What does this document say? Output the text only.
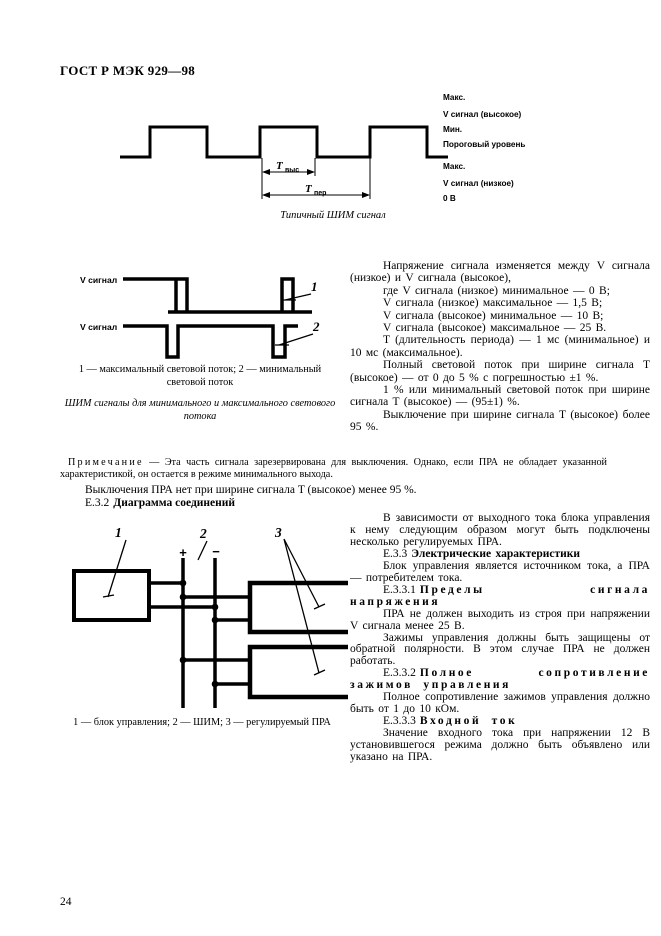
ГОСТ Р МЭК 929—98
T выс
T пер
Макс.
V сигнал (высокое)
Мин.
Пороговый уровень
Макс.
V сигнал (низкое)
0 В
Типичный ШИМ сигнал
V сигнал
V сигнал
1
2
1 — максимальный световой поток; 2 — минимальный световой поток
ШИМ сигналы для минимального и максимального светового потока

Напряжение сигнала изменяется между V сигнала (низкое) и V сигнала (высокое),

где V сигнала (низкое) минимальное — 0 В;

V сигнала (низкое) максимальное — 1,5 В;

V сигнала (высокое) минимальное — 10 В;

V сигнала (высокое) максимальное — 25 В.

T (длительность периода) — 1 мс (минимальное) и 10 мс (максимальное).

Полный световой поток при ширине сигнала T (высокое) — от 0 до 5 % с погрешностью ±1 %.

1 % или минимальный световой поток при ширине сигнала T (высокое) — (95±1) %.

Выключение при ширине сигнала T (высокое) более 95 %.

Примечание — Эта часть сигнала зарезервирована для выключения. Однако, если ПРА не обладает указанной характеристикой, он остается в режиме минимального выхода.

Выключения ПРА нет при ширине сигнала T (высокое) менее 95 %.

Е.3.2 Диаграмма соединений

1	2	3
+ −
1 — блок управления; 2 — ШИМ; 3 — регулируемый ПРА

В зависимости от выходного тока блока управления к нему следующим образом могут быть подключены несколько регулируемых ПРА.

Е.3.3 Электрические характеристики

Блок управления является источником тока, а ПРА — потребителем тока.

Е.3.3.1 Пределы сигнала напряжения

ПРА не должен выходить из строя при напряжении V сигнала менее 25 В.

Зажимы управления должны быть защищены от обратной полярности. В этом случае ПРА не должен работать.

Е.3.3.2 Полное сопротивление зажимов управления

Полное сопротивление зажимов управления должно быть от 1 до 10 кОм.

Е.3.3.3 Входной ток

Значение входного тока при напряжении 12 В установившегося режима должно быть объявлено или указано на ПРА.

24
